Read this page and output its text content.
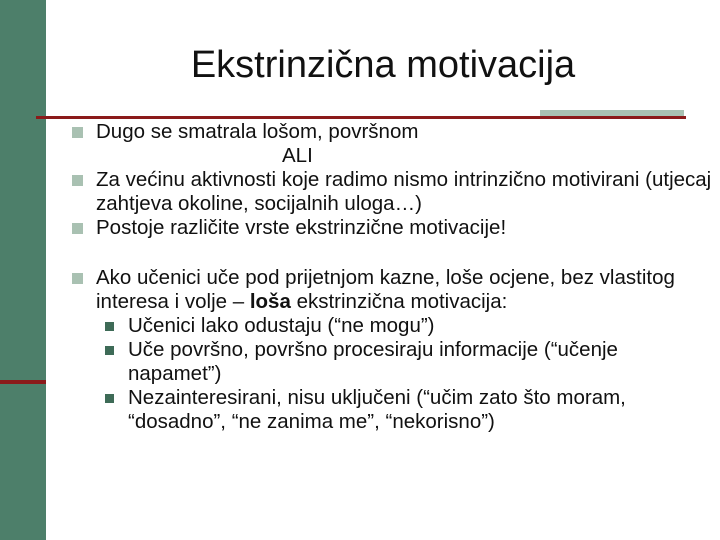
Ekstrinzična motivacija
Dugo se smatrala lošom, površnom
ALI
Za većinu aktivnosti koje radimo nismo intrinzično motivirani (utjecaj zahtjeva okoline, socijalnih uloga…)
Postoje različite vrste ekstrinzične motivacije!
Ako učenici uče pod prijetnjom kazne, loše ocjene, bez vlastitog interesa i volje – loša ekstrinzična motivacija:
Učenici lako odustaju (“ne mogu”)
Uče površno, površno procesiraju informacije (“učenje napamet”)
Nezainteresirani, nisu uključeni (“učim zato što moram, “dosadno”, “ne zanima me”, “nekorisno”)
